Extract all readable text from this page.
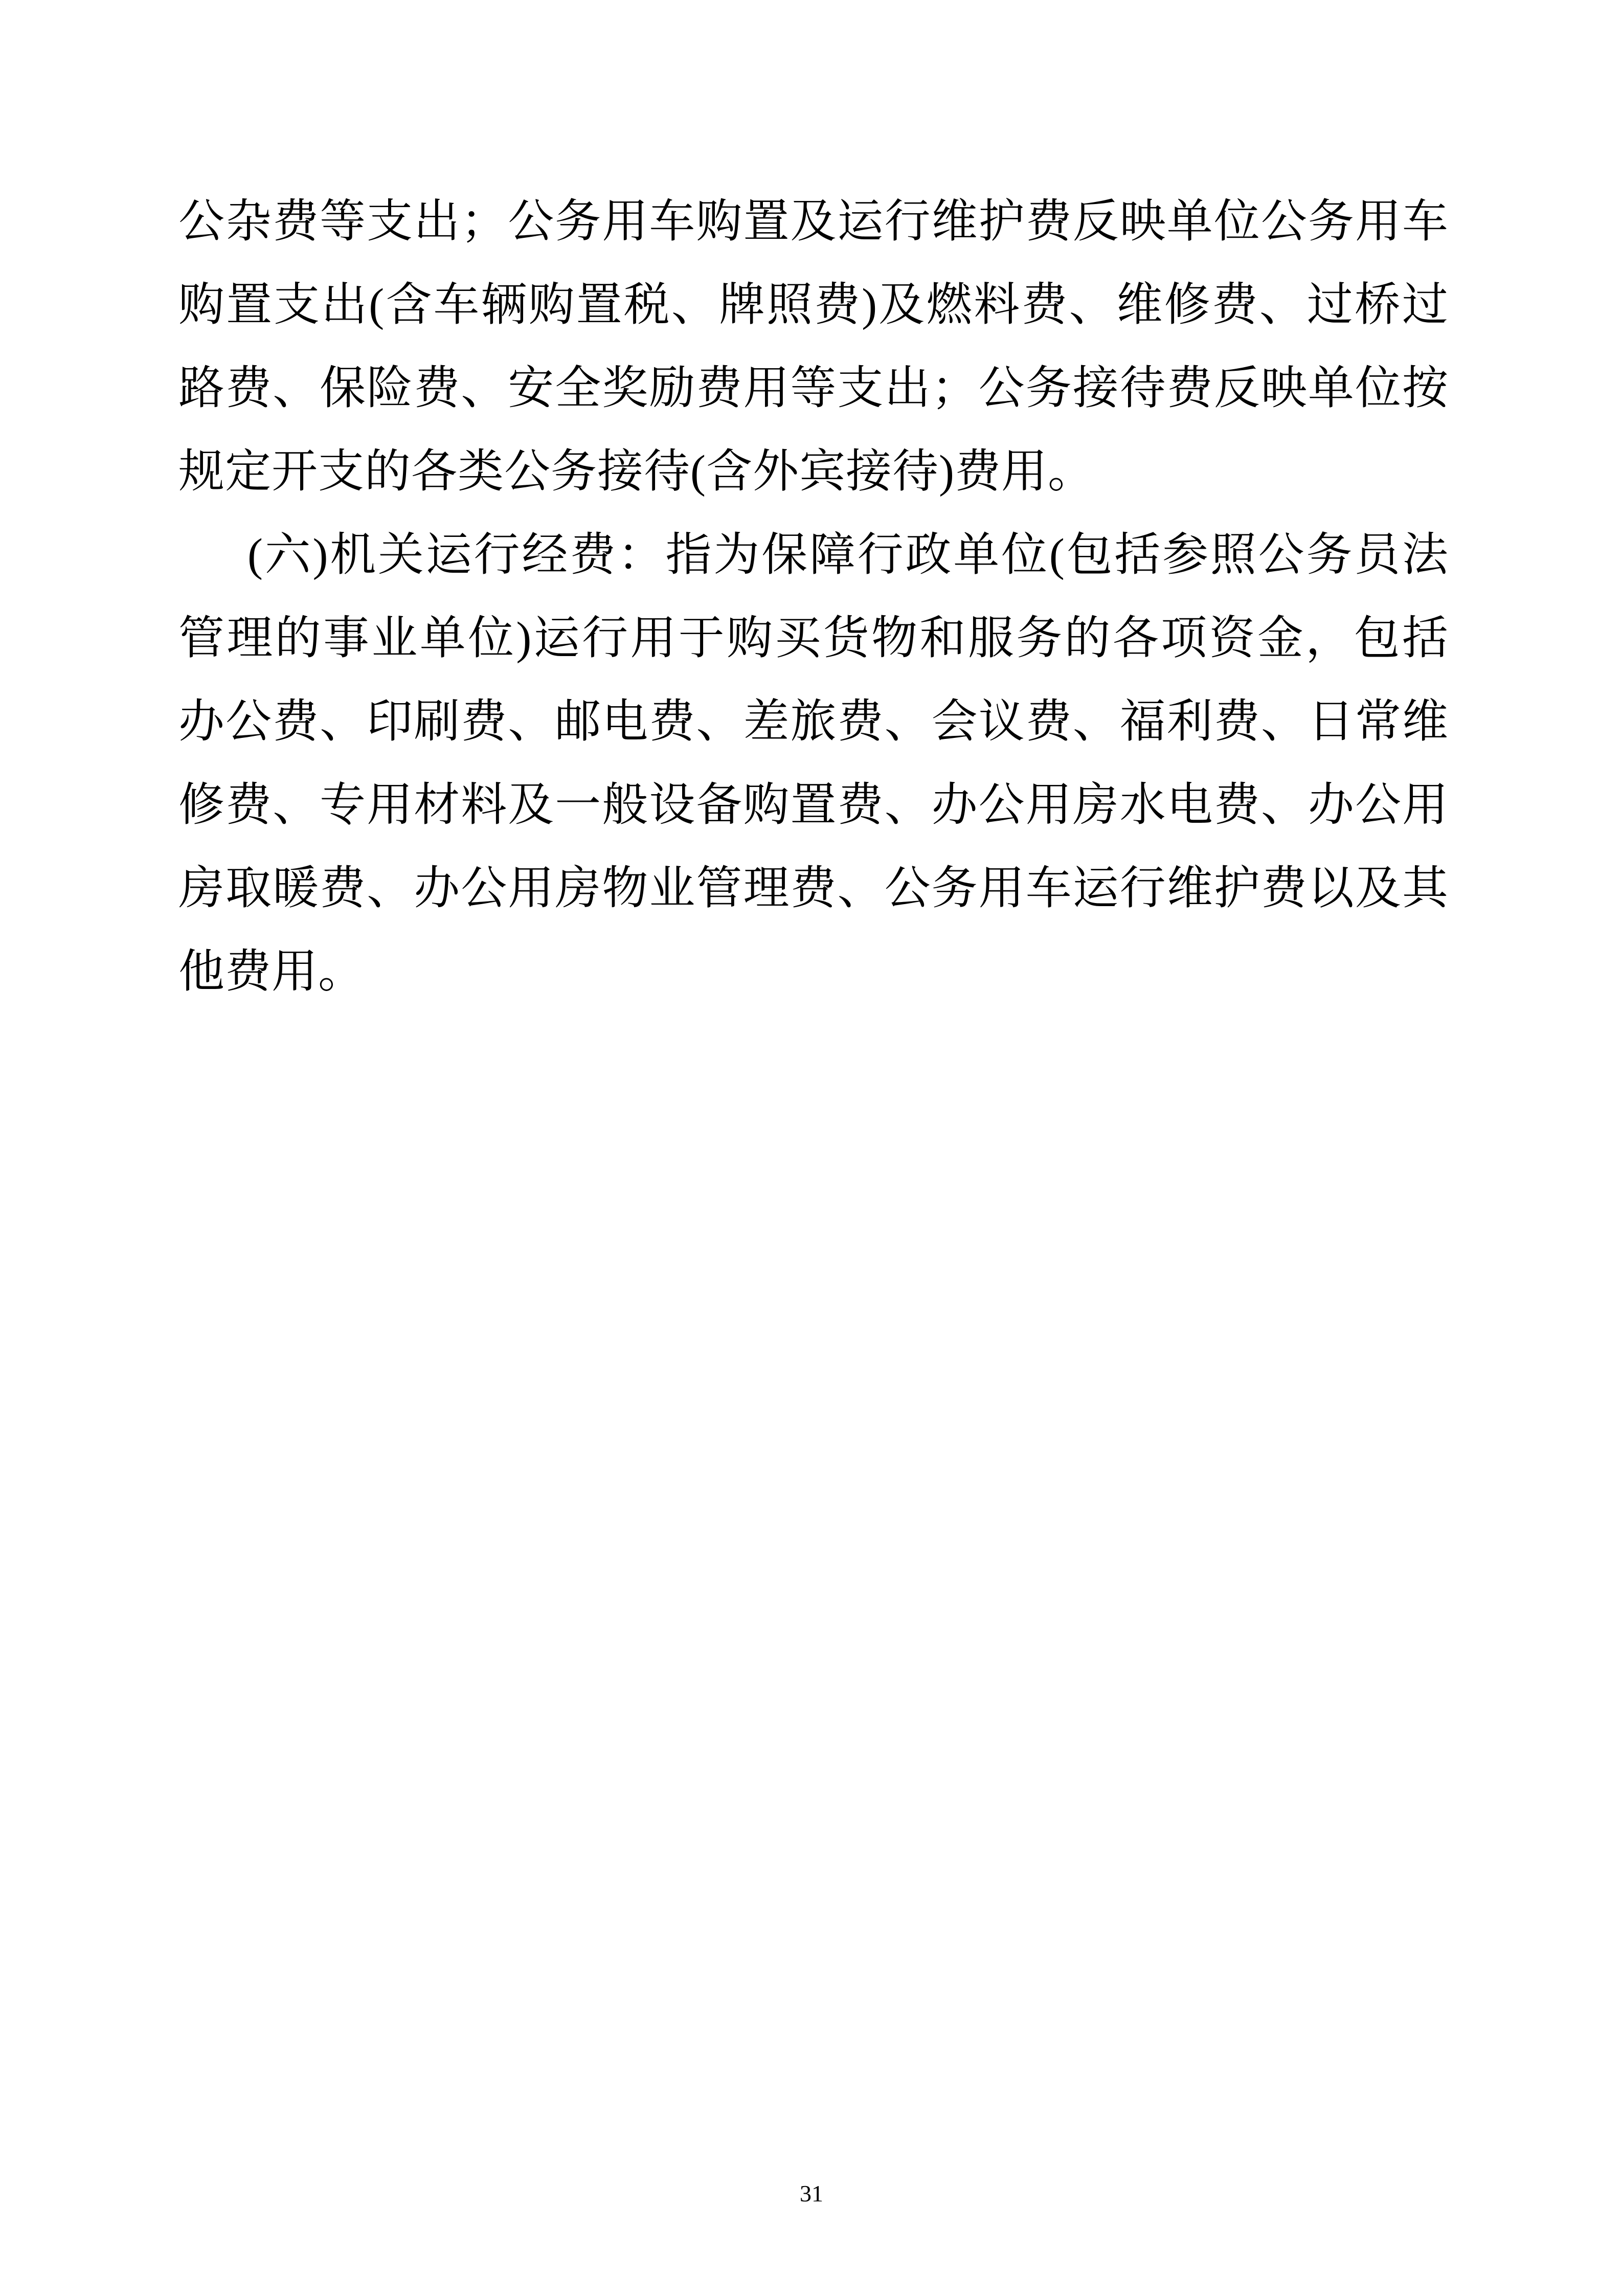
公杂费等支出；公务用车购置及运行维护费反映单位公务用车购置支出(含车辆购置税、牌照费)及燃料费、维修费、过桥过路费、保险费、安全奖励费用等支出；公务接待费反映单位按规定开支的各类公务接待(含外宾接待)费用。

(六)机关运行经费：指为保障行政单位(包括参照公务员法管理的事业单位)运行用于购买货物和服务的各项资金，包括办公费、印刷费、邮电费、差旅费、会议费、福利费、日常维修费、专用材料及一般设备购置费、办公用房水电费、办公用房取暖费、办公用房物业管理费、公务用车运行维护费以及其他费用。

31
